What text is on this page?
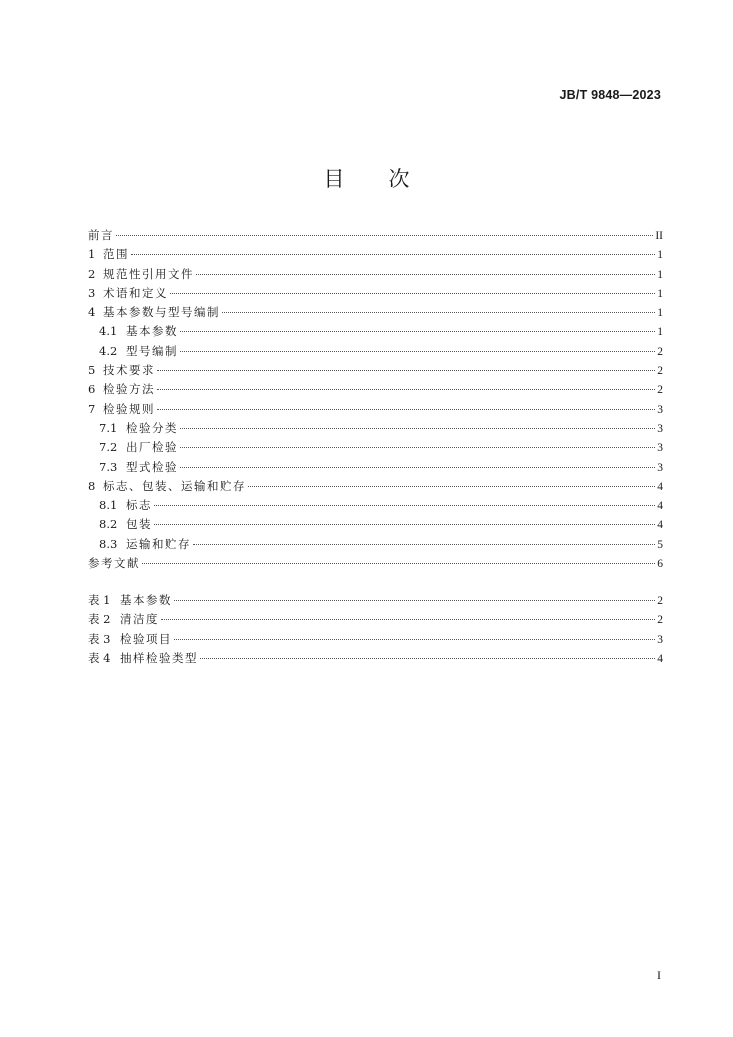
JB/T 9848—2023
目次
前言	II
1 范围	1
2 规范性引用文件	1
3 术语和定义	1
4 基本参数与型号编制	1
4.1 基本参数	1
4.2 型号编制	2
5 技术要求	2
6 检验方法	2
7 检验规则	3
7.1 检验分类	3
7.2 出厂检验	3
7.3 型式检验	3
8 标志、包装、运输和贮存	4
8.1 标志	4
8.2 包装	4
8.3 运输和贮存	5
参考文献	6
表 1 基本参数	2
表 2 清洁度	2
表 3 检验项目	3
表 4 抽样检验类型	4
I
